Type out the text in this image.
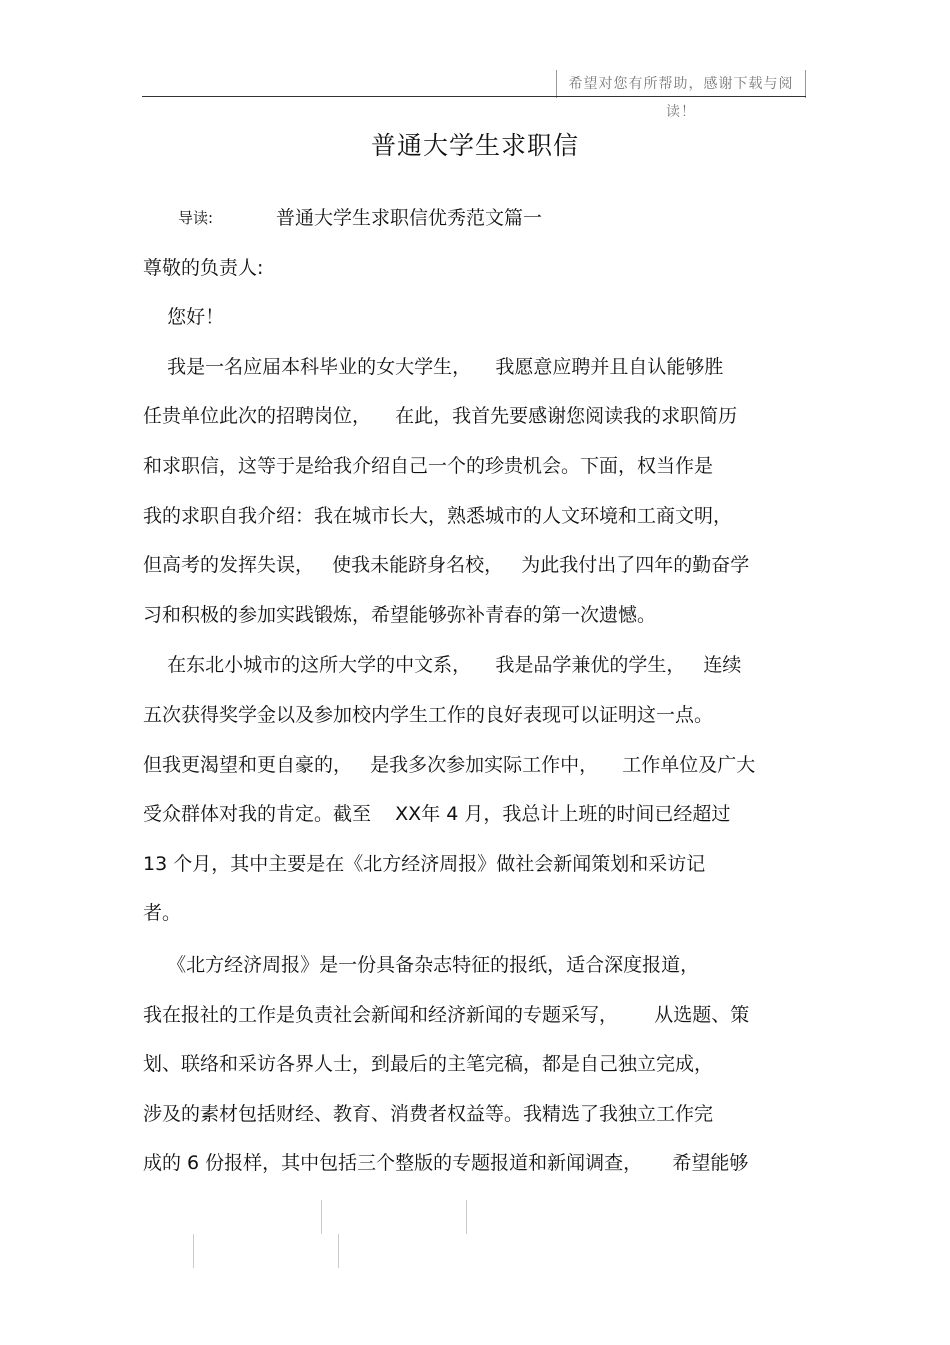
希望对您有所帮助，感谢下载与阅读！
普通大学生求职信
导读:	普通大学生求职信优秀范文篇一
尊敬的负责人:
您好！
我是一名应届本科毕业的女大学生，    我愿意应聘并且自认能够胜
任贵单位此次的招聘岗位，    在此，我首先要感谢您阅读我的求职简历
和求职信，这等于是给我介绍自己一个的珍贵机会。下面，权当作是
我的求职自我介绍：我在城市长大，熟悉城市的人文环境和工商文明，
但高考的发挥失误，   使我未能跻身名校，   为此我付出了四年的勤奋学
习和积极的参加实践锻炼，希望能够弥补青春的第一次遗憾。
在东北小城市的这所大学的中文系，    我是品学兼优的学生，   连续
五次获得奖学金以及参加校内学生工作的良好表现可以证明这一点。
但我更渴望和更自豪的，   是我多次参加实际工作中，    工作单位及广大
受众群体对我的肯定。截至    XX年 4 月，我总计上班的时间已经超过
13 个月，其中主要是在《北方经济周报》做社会新闻策划和采访记
者。
《北方经济周报》是一份具备杂志特征的报纸，适合深度报道，
我在报社的工作是负责社会新闻和经济新闻的专题采写，      从选题、策
划、联络和采访各界人士，到最后的主笔完稿，都是自己独立完成，
涉及的素材包括财经、教育、消费者权益等。我精选了我独立工作完
成的 6 份报样，其中包括三个整版的专题报道和新闻调查，     希望能够
